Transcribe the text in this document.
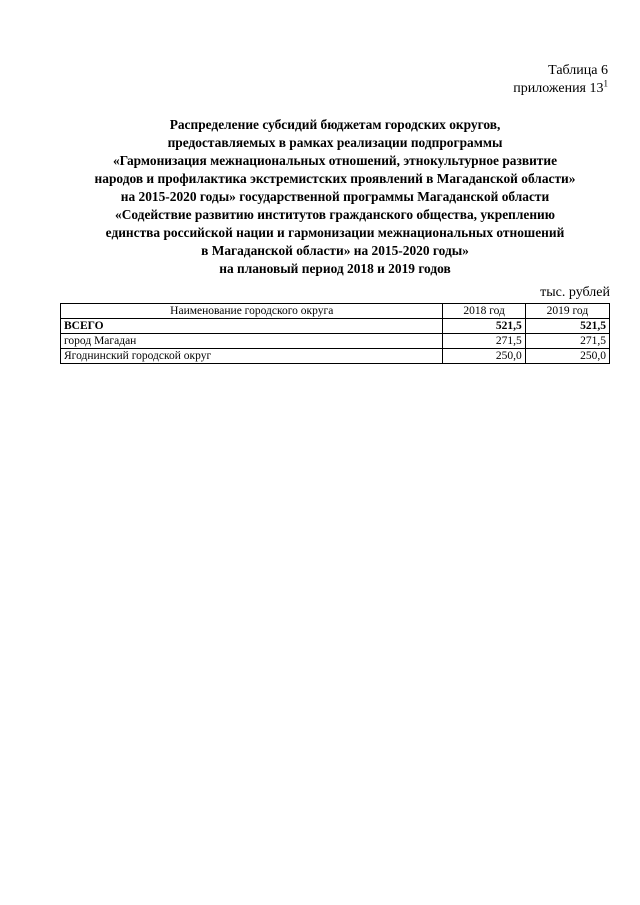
Таблица 6
приложения $13^1$
Распределение субсидий бюджетам городских округов,
предоставляемых в рамках реализации подпрограммы
«Гармонизация межнациональных отношений, этнокультурное развитие
народов и профилактика экстремистских проявлений в Магаданской области»
на 2015-2020 годы» государственной программы Магаданской области
«Содействие развитию институтов гражданского общества, укреплению
единства российской нации и гармонизации межнациональных отношений
в Магаданской области» на 2015-2020 годы»
на плановый период 2018 и 2019 годов
тыс. рублей
Наименование городского округа	2018 год	2019 год
ВСЕГО	521,5	521,5
город Магадан	271,5	271,5
Ягоднинский городской округ	250,0	250,0
